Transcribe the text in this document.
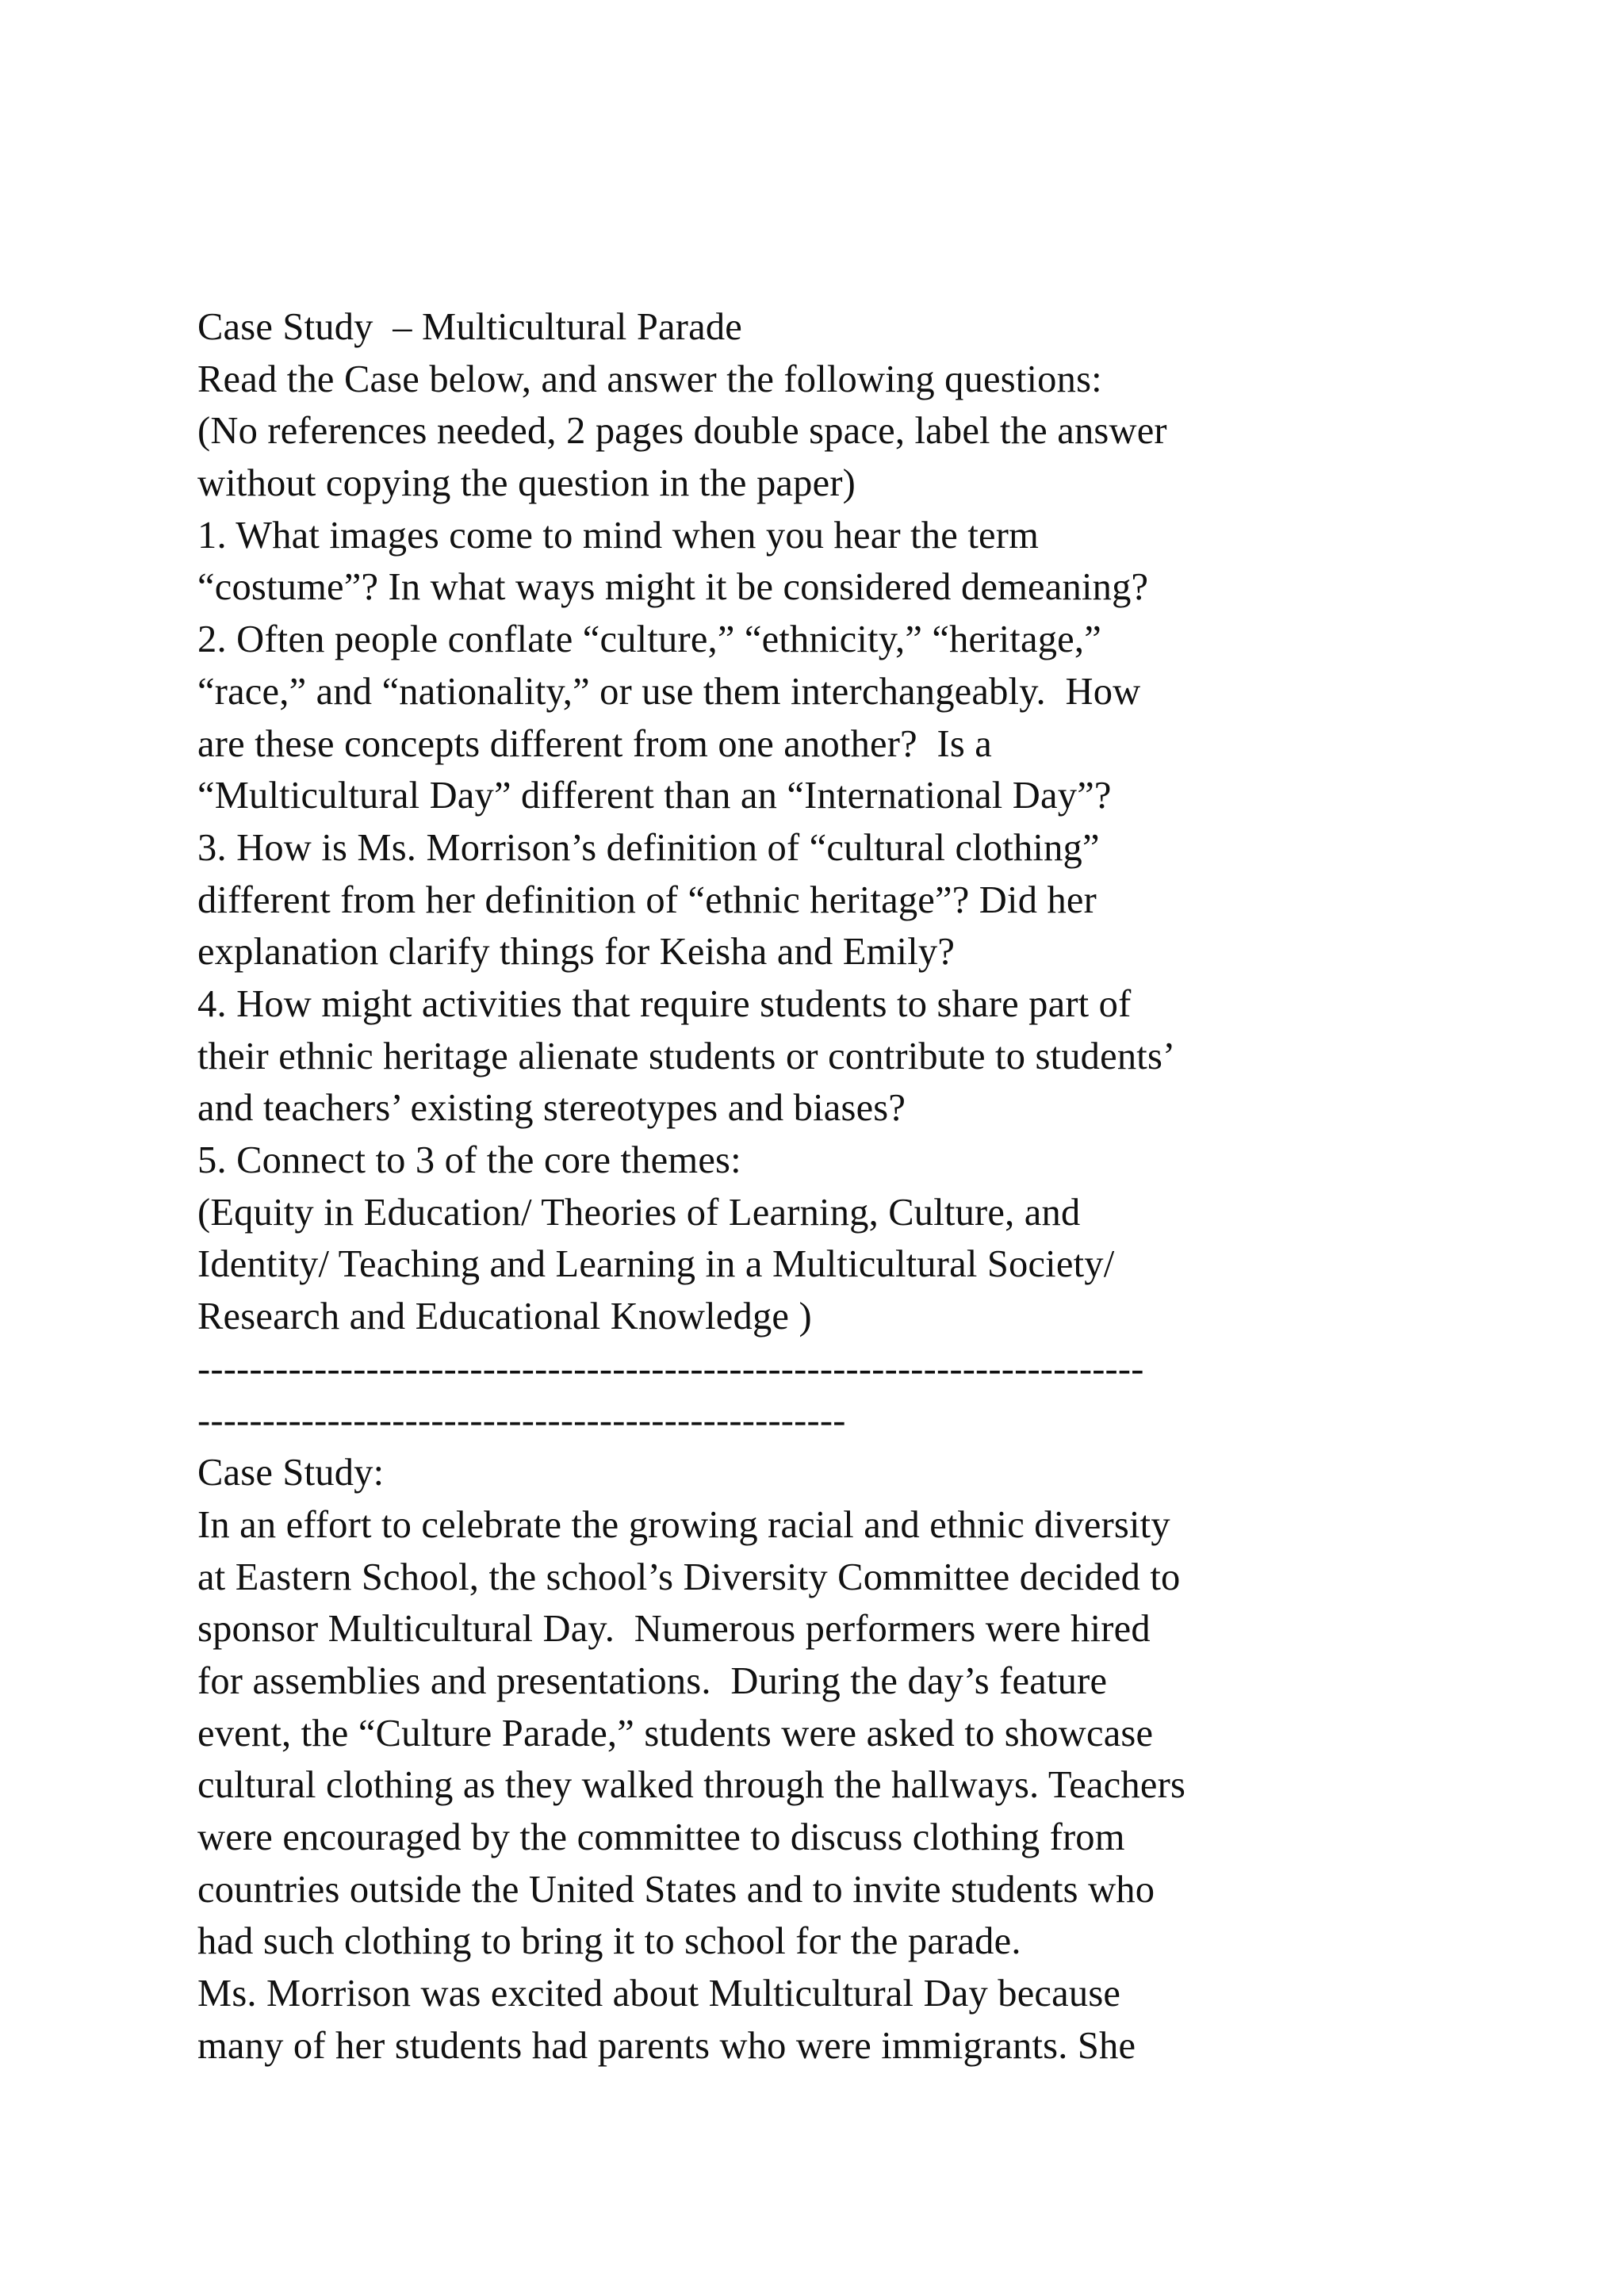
Case Study  – Multicultural Parade
Read the Case below, and answer the following questions:
(No references needed, 2 pages double space, label the answer
without copying the question in the paper)
1. What images come to mind when you hear the term
“costume”? In what ways might it be considered demeaning?
2. Often people conflate “culture,” “ethnicity,” “heritage,”
“race,” and “nationality,” or use them interchangeably.  How
are these concepts different from one another?  Is a
“Multicultural Day” different than an “International Day”?
3. How is Ms. Morrison’s definition of “cultural clothing”
different from her definition of “ethnic heritage”? Did her
explanation clarify things for Keisha and Emily?
4. How might activities that require students to share part of
their ethnic heritage alienate students or contribute to students’
and teachers’ existing stereotypes and biases?
5. Connect to 3 of the core themes:
(Equity in Education/ Theories of Learning, Culture, and
Identity/ Teaching and Learning in a Multicultural Society/
Research and Educational Knowledge )
-------------------------------------------------------------------------
--------------------------------------------------
Case Study:
In an effort to celebrate the growing racial and ethnic diversity
at Eastern School, the school’s Diversity Committee decided to
sponsor Multicultural Day.  Numerous performers were hired
for assemblies and presentations.  During the day’s feature
event, the “Culture Parade,” students were asked to showcase
cultural clothing as they walked through the hallways. Teachers
were encouraged by the committee to discuss clothing from
countries outside the United States and to invite students who
had such clothing to bring it to school for the parade.
Ms. Morrison was excited about Multicultural Day because
many of her students had parents who were immigrants. She
